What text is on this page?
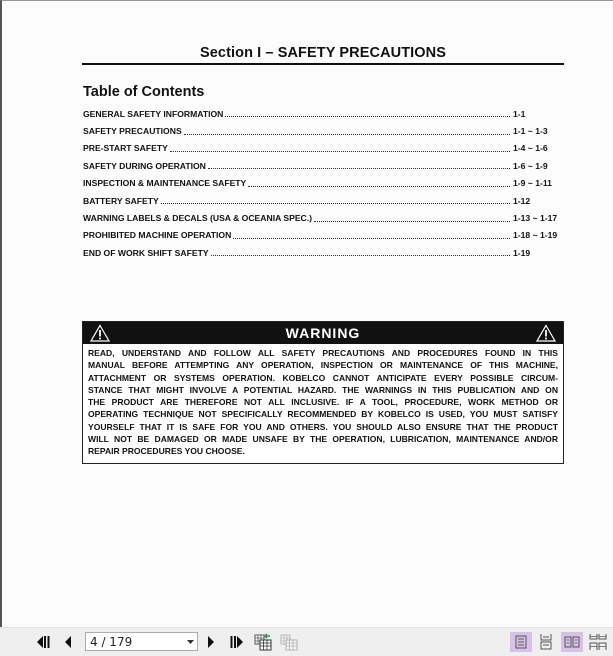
Section I – SAFETY PRECAUTIONS
Table of Contents
GENERAL SAFETY INFORMATION	1-1
SAFETY PRECAUTIONS	1-1 ~ 1-3
PRE-START SAFETY	1-4 ~ 1-6
SAFETY DURING OPERATION	1-6 ~ 1-9
INSPECTION & MAINTENANCE SAFETY	1-9 ~ 1-11
BATTERY SAFETY	1-12
WARNING LABELS & DECALS (USA & OCEANIA SPEC.)	1-13 ~ 1-17
PROHIBITED MACHINE OPERATION	1-18 ~ 1-19
END OF WORK SHIFT SAFETY	1-19
WARNING
READ, UNDERSTAND AND FOLLOW ALL SAFETY PRECAUTIONS AND PROCEDURES FOUND IN THIS
MANUAL BEFORE ATTEMPTING ANY OPERATION, INSPECTION OR MAINTENANCE OF THIS MACHINE,
ATTACHMENT OR SYSTEMS OPERATION. KOBELCO CANNOT ANTICIPATE EVERY POSSIBLE CIRCUM-
STANCE THAT MIGHT INVOLVE A POTENTIAL HAZARD. THE WARNINGS IN THIS PUBLICATION AND ON
THE PRODUCT ARE THEREFORE NOT ALL INCLUSIVE. IF A TOOL, PROCEDURE, WORK METHOD OR
OPERATING TECHNIQUE NOT SPECIFICALLY RECOMMENDED BY KOBELCO IS USED, YOU MUST SATISFY
YOURSELF THAT IT IS SAFE FOR YOU AND OTHERS. YOU SHOULD ALSO ENSURE THAT THE PRODUCT
WILL NOT BE DAMAGED OR MADE UNSAFE BY THE OPERATION, LUBRICATION, MAINTENANCE AND/OR
REPAIR PROCEDURES YOU CHOOSE.
4 / 179
